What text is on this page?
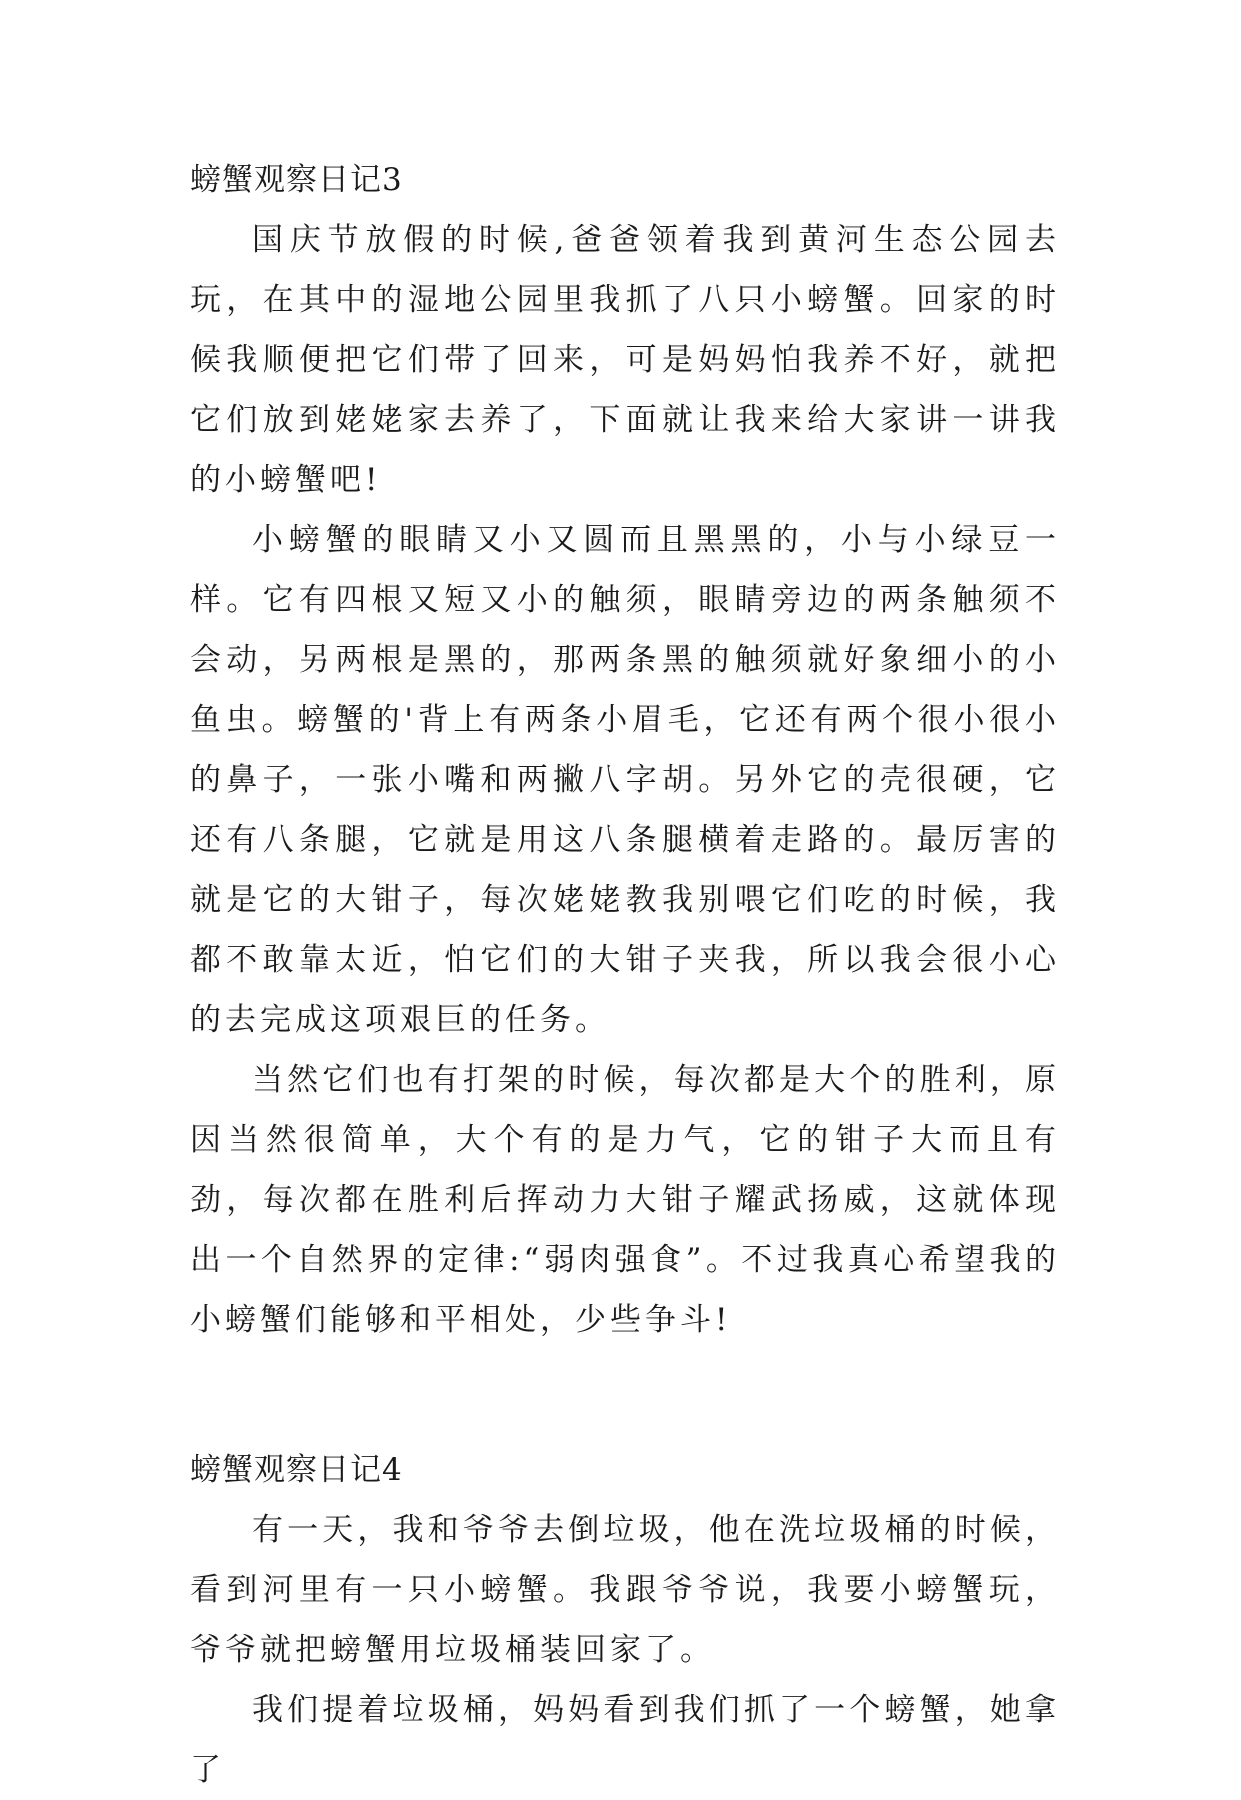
螃蟹观察日记3

国庆节放假的时候,爸爸领着我到黄河生态公园去玩，在其中的湿地公园里我抓了八只小螃蟹。回家的时候我顺便把它们带了回来，可是妈妈怕我养不好，就把它们放到姥姥家去养了，下面就让我来给大家讲一讲我的小螃蟹吧!

小螃蟹的眼睛又小又圆而且黑黑的，小与小绿豆一样。它有四根又短又小的触须，眼睛旁边的两条触须不会动，另两根是黑的，那两条黑的触须就好象细小的小鱼虫。螃蟹的'背上有两条小眉毛，它还有两个很小很小的鼻子，一张小嘴和两撇八字胡。另外它的壳很硬，它还有八条腿，它就是用这八条腿横着走路的。最厉害的就是它的大钳子，每次姥姥教我别喂它们吃的时候，我都不敢靠太近，怕它们的大钳子夹我，所以我会很小心的去完成这项艰巨的任务。

当然它们也有打架的时候，每次都是大个的胜利，原因当然很简单，大个有的是力气，它的钳子大而且有劲，每次都在胜利后挥动力大钳子耀武扬威，这就体现出一个自然界的定律:“弱肉强食”。不过我真心希望我的小螃蟹们能够和平相处，少些争斗!

螃蟹观察日记4

有一天，我和爷爷去倒垃圾，他在洗垃圾桶的时候，看到河里有一只小螃蟹。我跟爷爷说，我要小螃蟹玩，爷爷就把螃蟹用垃圾桶装回家了。

我们提着垃圾桶，妈妈看到我们抓了一个螃蟹，她拿了
